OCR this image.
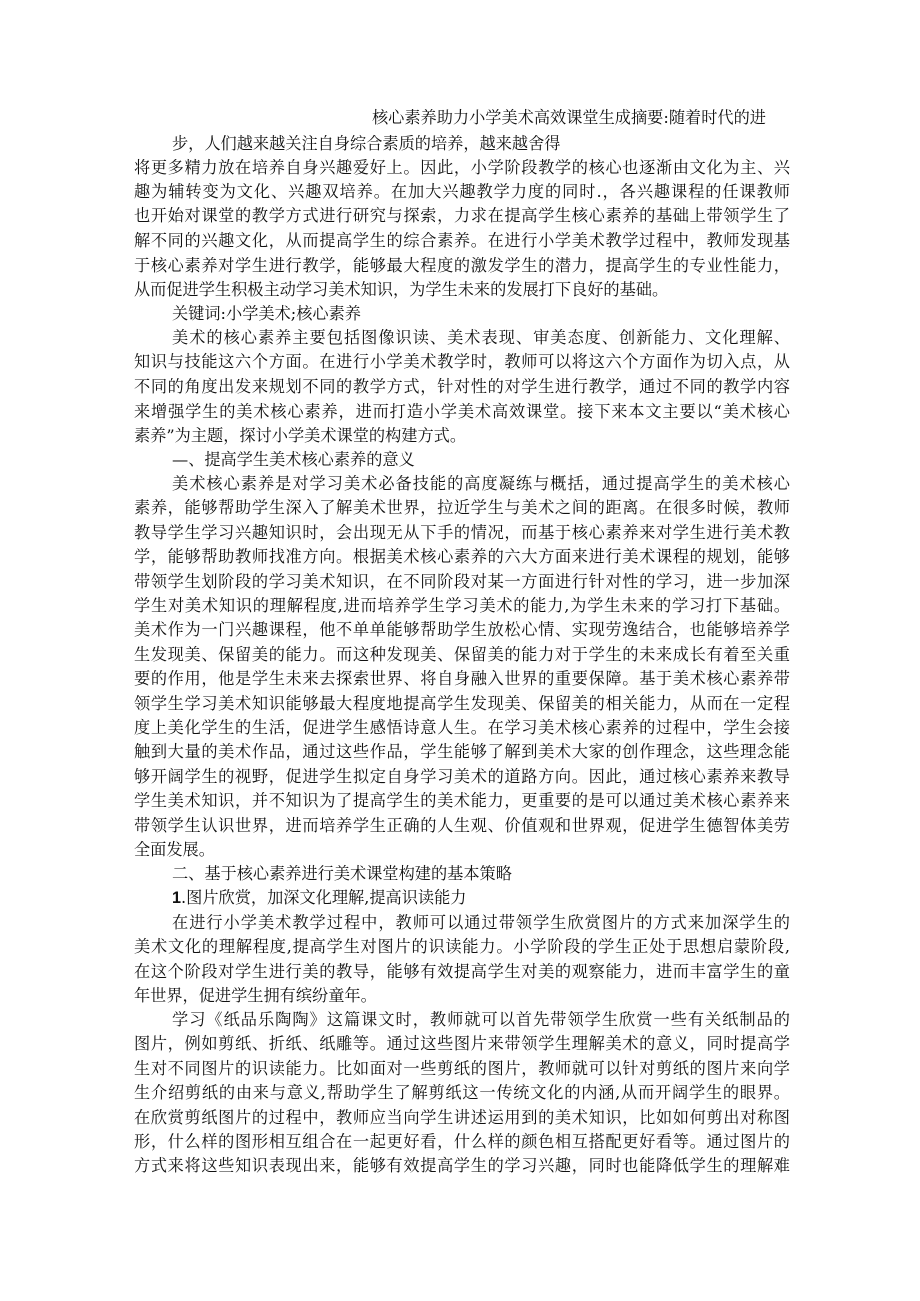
核心素养助力小学美术高效课堂生成摘要:随着时代的进
步，人们越来越关注自身综合素质的培养，越来越舍得
将更多精力放在培养自身兴趣爱好上。因此，小学阶段教学的核心也逐渐由文化为主、兴
趣为辅转变为文化、兴趣双培养。在加大兴趣教学力度的同时.，各兴趣课程的任课教师
也开始对课堂的教学方式进行研究与探索，力求在提高学生核心素养的基础上带领学生了
解不同的兴趣文化，从而提高学生的综合素养。在进行小学美术教学过程中，教师发现基
于核心素养对学生进行教学，能够最大程度的激发学生的潜力，提高学生的专业性能力，
从而促进学生积极主动学习美术知识，为学生未来的发展打下良好的基础。
关键词:小学美术;核心素养
美术的核心素养主要包括图像识读、美术表现、审美态度、创新能力、文化理解、
知识与技能这六个方面。在进行小学美术教学时，教师可以将这六个方面作为切入点，从
不同的角度出发来规划不同的教学方式，针对性的对学生进行教学，通过不同的教学内容
来增强学生的美术核心素养，进而打造小学美术高效课堂。接下来本文主要以“美术核心
素养”为主题，探讨小学美术课堂的构建方式。
—、提高学生美术核心素养的意义
美术核心素养是对学习美术必备技能的高度凝练与概括，通过提高学生的美术核心
素养，能够帮助学生深入了解美术世界，拉近学生与美术之间的距离。在很多时候，教师
教导学生学习兴趣知识时，会出现无从下手的情况，而基于核心素养来对学生进行美术教
学，能够帮助教师找准方向。根据美术核心素养的六大方面来进行美术课程的规划，能够
带领学生划阶段的学习美术知识，在不同阶段对某一方面进行针对性的学习，进一步加深
学生对美术知识的理解程度,进而培养学生学习美术的能力,为学生未来的学习打下基础。
美术作为一门兴趣课程，他不单单能够帮助学生放松心情、实现劳逸结合，也能够培养学
生发现美、保留美的能力。而这种发现美、保留美的能力对于学生的未来成长有着至关重
要的作用，他是学生未来去探索世界、将自身融入世界的重要保障。基于美术核心素养带
领学生学习美术知识能够最大程度地提高学生发现美、保留美的相关能力，从而在一定程
度上美化学生的生活，促进学生感悟诗意人生。在学习美术核心素养的过程中，学生会接
触到大量的美术作品，通过这些作品，学生能够了解到美术大家的创作理念，这些理念能
够开阔学生的视野，促进学生拟定自身学习美术的道路方向。因此，通过核心素养来教导
学生美术知识，并不知识为了提高学生的美术能力，更重要的是可以通过美术核心素养来
带领学生认识世界，进而培养学生正确的人生观、价值观和世界观，促进学生德智体美劳
全面发展。
二、基于核心素养进行美术课堂构建的基本策略
1.图片欣赏，加深文化理解,提高识读能力
在进行小学美术教学过程中，教师可以通过带领学生欣赏图片的方式来加深学生的
美术文化的理解程度,提高学生对图片的识读能力。小学阶段的学生正处于思想启蒙阶段,
在这个阶段对学生进行美的教导，能够有效提高学生对美的观察能力，进而丰富学生的童
年世界，促进学生拥有缤纷童年。
学习《纸品乐陶陶》这篇课文时，教师就可以首先带领学生欣赏一些有关纸制品的
图片，例如剪纸、折纸、纸雕等。通过这些图片来带领学生理解美术的意义，同时提高学
生对不同图片的识读能力。比如面对一些剪纸的图片，教师就可以针对剪纸的图片来向学
生介绍剪纸的由来与意义,帮助学生了解剪纸这一传统文化的内涵,从而开阔学生的眼界。
在欣赏剪纸图片的过程中，教师应当向学生讲述运用到的美术知识，比如如何剪出对称图
形，什么样的图形相互组合在一起更好看，什么样的颜色相互搭配更好看等。通过图片的
方式来将这些知识表现出来，能够有效提高学生的学习兴趣，同时也能降低学生的理解难
